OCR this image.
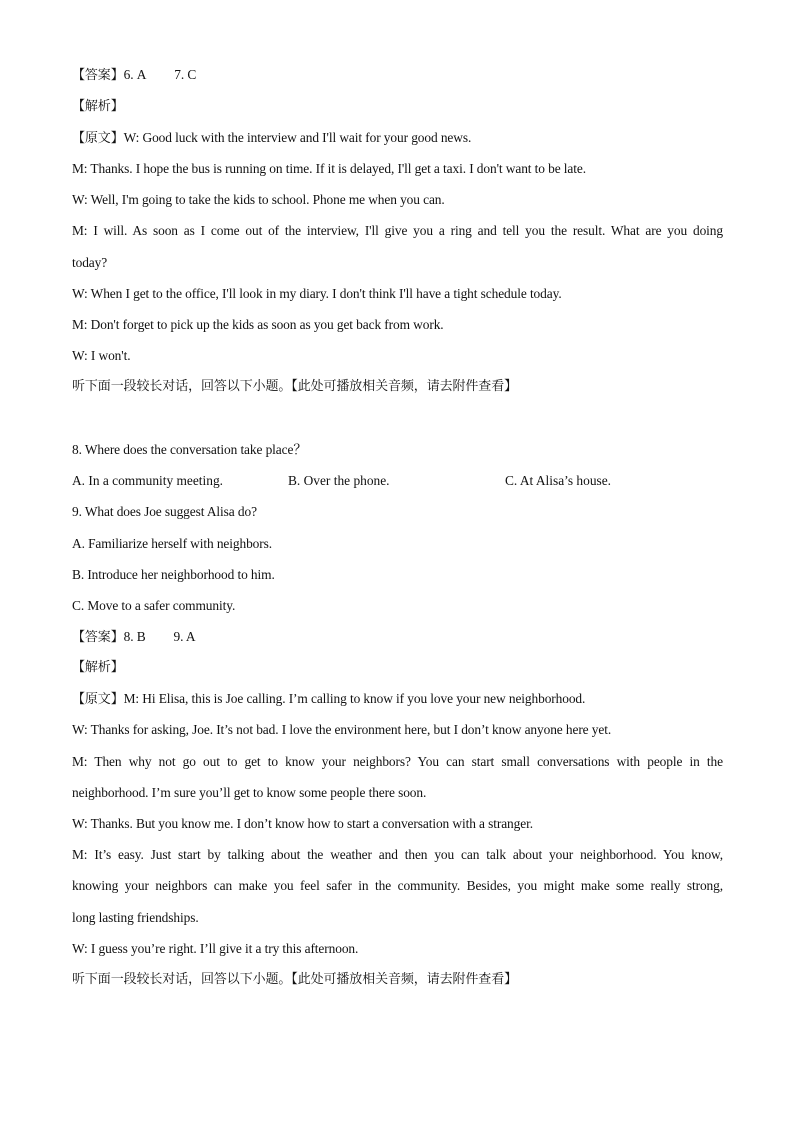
【答案】6. A 7. C
【解析】
【原文】W: Good luck with the interview and I'll wait for your good news.
M: Thanks. I hope the bus is running on time. If it is delayed, I'll get a taxi. I don't want to be late.
W: Well, I'm going to take the kids to school. Phone me when you can.
M: I will. As soon as I come out of the interview, I'll give you a ring and tell you the result. What are you doing
today?
W: When I get to the office, I'll look in my diary. I don't think I'll have a tight schedule today.
M: Don't forget to pick up the kids as soon as you get back from work.
W: I won't.
听下面一段较长对话，回答以下小题。【此处可播放相关音频，请去附件查看】
8. Where does the conversation take place？
A. In a community meeting.	B. Over the phone.	C. At Alisa’s house.
9. What does Joe suggest Alisa do?
A. Familiarize herself with neighbors.
B. Introduce her neighborhood to him.
C. Move to a safer community.
【答案】8. B 9. A
【解析】
【原文】M: Hi Elisa, this is Joe calling. I’m calling to know if you love your new neighborhood.
W: Thanks for asking, Joe. It’s not bad. I love the environment here, but I don’t know anyone here yet.
M: Then why not go out to get to know your neighbors? You can start small conversations with people in the
neighborhood. I’m sure you’ll get to know some people there soon.
W: Thanks. But you know me. I don’t know how to start a conversation with a stranger.
M: It’s easy. Just start by talking about the weather and then you can talk about your neighborhood. You know,
knowing your neighbors can make you feel safer in the community. Besides, you might make some really strong,
long lasting friendships.
W: I guess you’re right. I’ll give it a try this afternoon.
听下面一段较长对话，回答以下小题。【此处可播放相关音频，请去附件查看】
